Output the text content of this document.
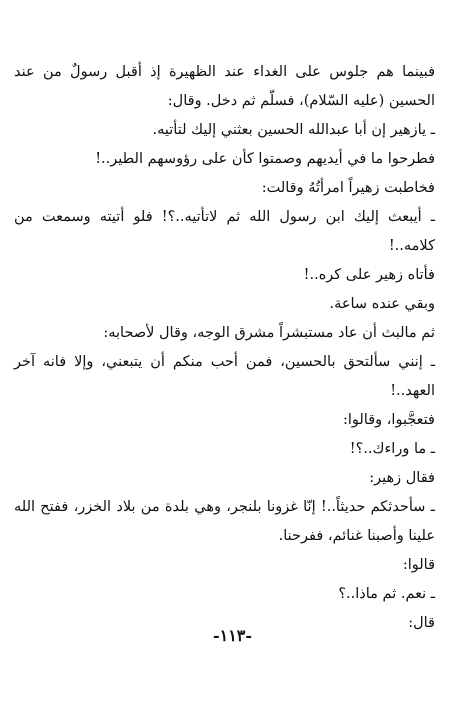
فبينما هم جلوس على الغداء عند الظهيرة إذ أقبل رسولٌ من عند الحسين (عليه السّلام)، فسلّم ثم دخل. وقال:

ـ يازهير إن أبا عبدالله الحسين بعثني إليك لتأتيه.

فطرحوا ما في أيديهم وصمتوا كأن على رؤوسهم الطير..!

فخاطبت زهيراً امرأتُهُ وقالت:

ـ أيبعث إليك ابن رسول الله ثم لاتأتيه..؟! فلو أتيته وسمعت من كلامه..!

فأتاه زهير على كره..!

وبقي عنده ساعة.

ثم مالبث أن عاد مستبشراً مشرق الوجه، وقال لأصحابه:

ـ إنني سألتحق بالحسين، فمن أحب منكم أن يتبعني، وإلا فانه آخر العهد..!

فتعجَّبوا، وقالوا:

ـ ما وراءك..؟!

فقال زهير:

ـ سأحدثكم حديثاً..! إنّا غزونا بلنجر، وهي بلدة من بلاد الخزر، ففتح الله علينا وأصبنا غنائم، ففرحنا.

قالوا:

ـ نعم. ثم ماذا..؟

قال:

-١١٣-
